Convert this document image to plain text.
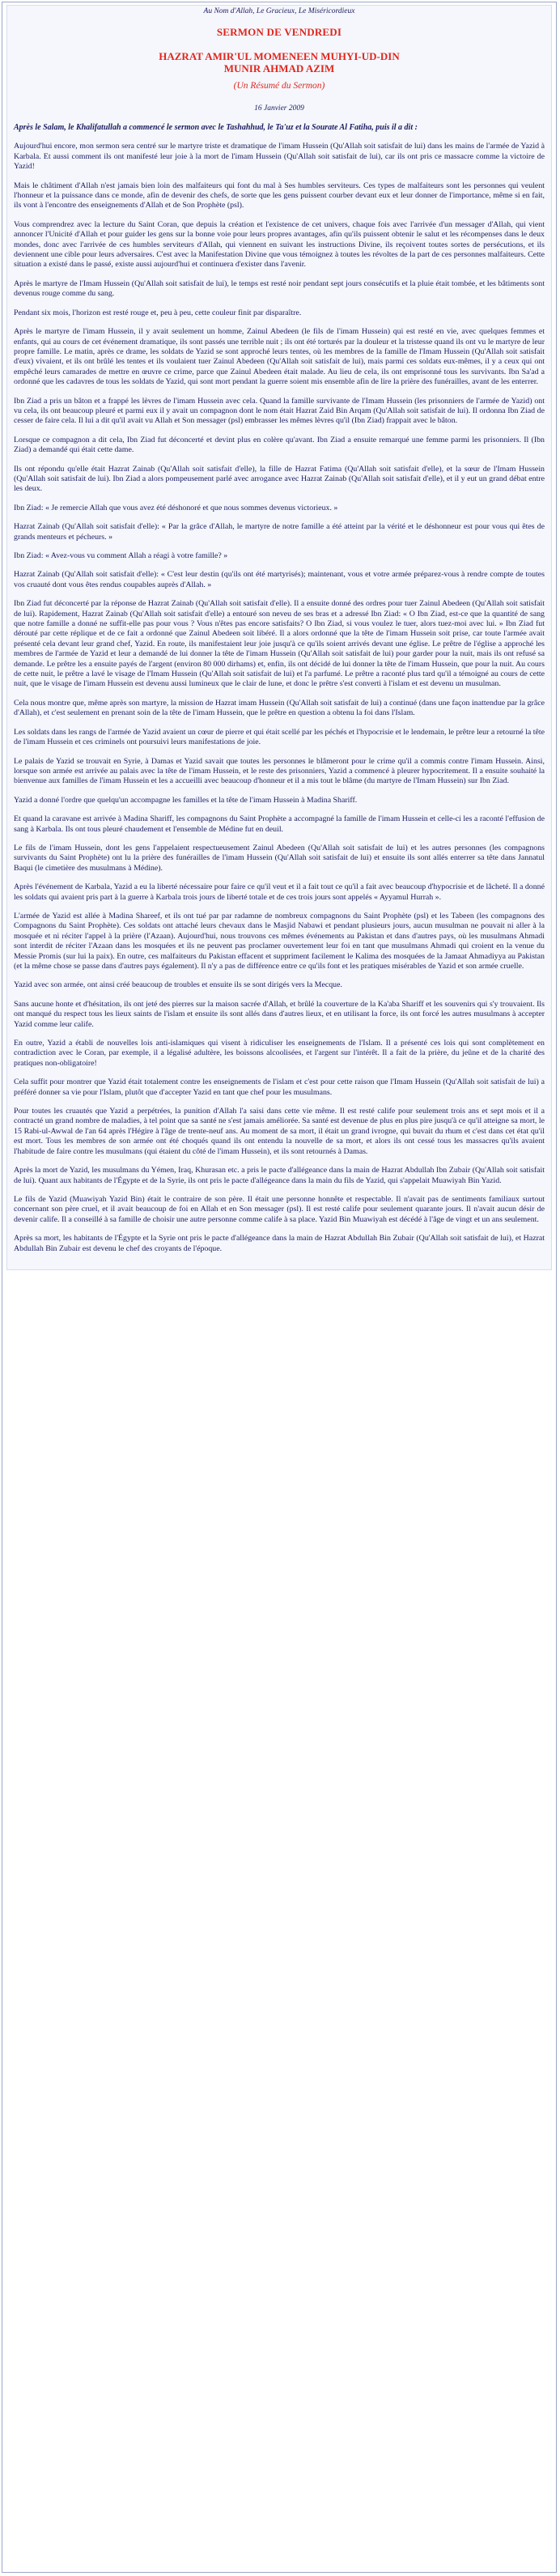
Au Nom d'Allah, Le Gracieux, Le Miséricordieux
SERMON DE VENDREDI
HAZRAT AMIR'UL MOMENEEN MUHYI-UD-DIN
MUNIR AHMAD AZIM
(Un Résumé du Sermon)
16 Janvier 2009

Après le Salam, le Khalifatullah a commencé le sermon avec le Tashahhud, le Ta'uz et la Sourate Al Fatiha, puis il a dit :

Aujourd'hui encore, mon sermon sera centré sur le martyre triste et dramatique de l'imam Hussein (Qu'Allah soit satisfait de lui) dans les mains de l'armée de Yazid à Karbala. Et aussi comment ils ont manifesté leur joie à la mort de l'imam Hussein (Qu'Allah soit satisfait de lui), car ils ont pris ce massacre comme la victoire de Yazid!

Mais le châtiment d'Allah n'est jamais bien loin des malfaiteurs qui font du mal à Ses humbles serviteurs. Ces types de malfaiteurs sont les personnes qui veulent l'honneur et la puissance dans ce monde, afin de devenir des chefs, de sorte que les gens puissent courber devant eux et leur donner de l'importance, même si en fait, ils vont à l'encontre des enseignements d'Allah et de Son Prophète (psl).

Vous comprendrez avec la lecture du Saint Coran, que depuis la création et l'existence de cet univers, chaque fois avec l'arrivée d'un messager d'Allah, qui vient annoncer l'Unicité d'Allah et pour guider les gens sur la bonne voie pour leurs propres avantages, afin qu'ils puissent obtenir le salut et les récompenses dans le deux mondes, donc avec l'arrivée de ces humbles serviteurs d'Allah, qui viennent en suivant les instructions Divine, ils reçoivent toutes sortes de persécutions, et ils deviennent une cible pour leurs adversaires. C'est avec la Manifestation Divine que vous témoignez à toutes les révoltes de la part de ces personnes malfaiteurs. Cette situation a existé dans le passé, existe aussi aujourd'hui et continuera d'exister dans l'avenir.

Après le martyre de l'Imam Hussein (Qu'Allah soit satisfait de lui), le temps est resté noir pendant sept jours consécutifs et la pluie était tombée, et les bâtiments sont devenus rouge comme du sang.

Pendant six mois, l'horizon est resté rouge et, peu à peu, cette couleur finit par disparaître.

Après le martyre de l'imam Hussein, il y avait seulement un homme, Zainul Abedeen (le fils de l'imam Hussein) qui est resté en vie, avec quelques femmes et enfants, qui au cours de cet événement dramatique, ils sont passés une terrible nuit ; ils ont été torturés par la douleur et la tristesse quand ils ont vu le martyre de leur propre famille. Le matin, après ce drame, les soldats de Yazid se sont approché leurs tentes, où les membres de la famille de l'Imam Hussein (Qu'Allah soit satisfait d'eux) vivaient, et ils ont brûlé les tentes et ils voulaient tuer Zainul Abedeen (Qu'Allah soit satisfait de lui), mais parmi ces soldats eux-mêmes, il y a ceux qui ont empêché leurs camarades de mettre en œuvre ce crime, parce que Zainul Abedeen était malade. Au lieu de cela, ils ont emprisonné tous les survivants. Ibn Sa'ad a ordonné que les cadavres de tous les soldats de Yazid, qui sont mort pendant la guerre soient mis ensemble afin de lire la prière des funérailles, avant de les enterrer.

Ibn Ziad a pris un bâton et a frappé les lèvres de l'imam Hussein avec cela. Quand la famille survivante de l'Imam Hussein (les prisonniers de l'armée de Yazid) ont vu cela, ils ont beaucoup pleuré et parmi eux il y avait un compagnon dont le nom était Hazrat Zaid Bin Arqam (Qu'Allah soit satisfait de lui). Il ordonna Ibn Ziad de cesser de faire cela. Il lui a dit qu'il avait vu Allah et Son messager (psl) embrasser les mêmes lèvres qu'il (Ibn Ziad) frappait avec le bâton.

Lorsque ce compagnon a dit cela, Ibn Ziad fut déconcerté et devint plus en colère qu'avant. Ibn Ziad a ensuite remarqué une femme parmi les prisonniers. Il (Ibn Ziad) a demandé qui était cette dame.

Ils ont répondu qu'elle était Hazrat Zainab (Qu'Allah soit satisfait d'elle), la fille de Hazrat Fatima (Qu'Allah soit satisfait d'elle), et la sœur de l'Imam Hussein (Qu'Allah soit satisfait de lui). Ibn Ziad a alors pompeusement parlé avec arrogance avec Hazrat Zainab (Qu'Allah soit satisfait d'elle), et il y eut un grand débat entre les deux.

Ibn Ziad: « Je remercie Allah que vous avez été déshonoré et que nous sommes devenus victorieux. »

Hazrat Zainab (Qu'Allah soit satisfait d'elle): « Par la grâce d'Allah, le martyre de notre famille a été atteint par la vérité et le déshonneur est pour vous qui êtes de grands menteurs et pécheurs. »

Ibn Ziad: « Avez-vous vu comment Allah a réagi à votre famille? »

Hazrat Zainab (Qu'Allah soit satisfait d'elle): « C'est leur destin (qu'ils ont été martyrisés); maintenant, vous et votre armée préparez-vous à rendre compte de toutes vos cruauté dont vous êtes rendus coupables auprès d'Allah. »

Ibn Ziad fut déconcerté par la réponse de Hazrat Zainab (Qu'Allah soit satisfait d'elle). Il a ensuite donné des ordres pour tuer Zainul Abedeen (Qu'Allah soit satisfait de lui). Rapidement, Hazrat Zainab (Qu'Allah soit satisfait d'elle) a entouré son neveu de ses bras et a adressé Ibn Ziad: « O Ibn Ziad, est-ce que la quantité de sang que notre famille a donné ne suffit-elle pas pour vous ? Vous n'êtes pas encore satisfaits? O Ibn Ziad, si vous voulez le tuer, alors tuez-moi avec lui. » Ibn Ziad fut dérouté par cette réplique et de ce fait a ordonné que Zainul Abedeen soit libéré. Il a alors ordonné que la tête de l'imam Hussein soit prise, car toute l'armée avait présenté cela devant leur grand chef, Yazid. En route, ils manifestaient leur joie jusqu'à ce qu'ils soient arrivés devant une église. Le prêtre de l'église a approché les membres de l'armée de Yazid et leur a demandé de lui donner la tête de l'imam Hussein (Qu'Allah soit satisfait de lui) pour garder pour la nuit, mais ils ont refusé sa demande. Le prêtre les a ensuite payés de l'argent (environ 80 000 dirhams) et, enfin, ils ont décidé de lui donner la tête de l'imam Hussein, que pour la nuit. Au cours de cette nuit, le prêtre a lavé le visage de l'Imam Hussein (Qu'Allah soit satisfait de lui) et l'a parfumé. Le prêtre a raconté plus tard qu'il a témoigné au cours de cette nuit, que le visage de l'imam Hussein est devenu aussi lumineux que le clair de lune, et donc le prêtre s'est converti à l'islam et est devenu un musulman.

Cela nous montre que, même après son martyre, la mission de Hazrat imam Hussein (Qu'Allah soit satisfait de lui) a continué (dans une façon inattendue par la grâce d'Allah), et c'est seulement en prenant soin de la tête de l'imam Hussein, que le prêtre en question a obtenu la foi dans l'Islam.

Les soldats dans les rangs de l'armée de Yazid avaient un cœur de pierre et qui était scellé par les péchés et l'hypocrisie et le lendemain, le prêtre leur a retourné la tête de l'imam Hussein et ces criminels ont poursuivi leurs manifestations de joie.

Le palais de Yazid se trouvait en Syrie, à Damas et Yazid savait que toutes les personnes le blâmeront pour le crime qu'il a commis contre l'imam Hussein. Ainsi, lorsque son armée est arrivée au palais avec la tête de l'imam Hussein, et le reste des prisonniers, Yazid a commencé à pleurer hypocritement. Il a ensuite souhaité la bienvenue aux familles de l'imam Hussein et les a accueilli avec beaucoup d'honneur et il a mis tout le blâme (du martyre de l'Imam Hussein) sur Ibn Ziad.

Yazid a donné l'ordre que quelqu'un accompagne les familles et la tête de l'imam Hussein à Madina Shariff.

Et quand la caravane est arrivée à Madina Shariff, les compagnons du Saint Prophète a accompagné la famille de l'imam Hussein et celle-ci les a raconté l'effusion de sang à Karbala. Ils ont tous pleuré chaudement et l'ensemble de Médine fut en deuil.

Le fils de l'imam Hussein, dont les gens l'appelaient respectueusement Zainul Abedeen (Qu'Allah soit satisfait de lui) et les autres personnes (les compagnons survivants du Saint Prophète) ont lu la prière des funérailles de l'imam Hussein (Qu'Allah soit satisfait de lui) et ensuite ils sont allés enterrer sa tête dans Jannatul Baqui (le cimetière des musulmans à Médine).

Après l'événement de Karbala, Yazid a eu la liberté nécessaire pour faire ce qu'il veut et il a fait tout ce qu'il a fait avec beaucoup d'hypocrisie et de lâcheté. Il a donné les soldats qui avaient pris part à la guerre à Karbala trois jours de liberté totale et de ces trois jours sont appelés « Ayyamul Hurrah ».

L'armée de Yazid est allée à Madina Shareef, et ils ont tué par par radamne de nombreux compagnons du Saint Prophète (psl) et les Tabeen (les compagnons des Compagnons du Saint Prophète). Ces soldats ont attaché leurs chevaux dans le Masjid Nabawi et pendant plusieurs jours, aucun musulman ne pouvait ni aller à la mosquée et ni réciter l'appel à la prière (l'Azaan). Aujourd'hui, nous trouvons ces mêmes événements au Pakistan et dans d'autres pays, où les musulmans Ahmadi sont interdit de réciter l'Azaan dans les mosquées et ils ne peuvent pas proclamer ouvertement leur foi en tant que musulmans Ahmadi qui croient en la venue du Messie Promis (sur lui la paix). En outre, ces malfaiteurs du Pakistan effacent et suppriment facilement le Kalima des mosquées de la Jamaat Ahmadiyya au Pakistan (et la même chose se passe dans d'autres pays également). Il n'y a pas de différence entre ce qu'ils font et les pratiques misérables de Yazid et son armée cruelle.

Yazid avec son armée, ont ainsi créé beaucoup de troubles et ensuite ils se sont dirigés vers la Mecque.

Sans aucune honte et d'hésitation, ils ont jeté des pierres sur la maison sacrée d'Allah, et brûlé la couverture de la Ka'aba Shariff et les souvenirs qui s'y trouvaient. Ils ont manqué du respect tous les lieux saints de l'islam et ensuite ils sont allés dans d'autres lieux, et en utilisant la force, ils ont forcé les autres musulmans à accepter Yazid comme leur calife.

En outre, Yazid a établi de nouvelles lois anti-islamiques qui visent à ridiculiser les enseignements de l'Islam. Il a présenté ces lois qui sont complètement en contradiction avec le Coran, par exemple, il a légalisé adultère, les boissons alcoolisées, et l'argent sur l'intérêt. Il a fait de la prière, du jeûne et de la charité des pratiques non-obligatoire!

Cela suffit pour montrer que Yazid était totalement contre les enseignements de l'islam et c'est pour cette raison que l'Imam Hussein (Qu'Allah soit satisfait de lui) a préféré donner sa vie pour l'Islam, plutôt que d'accepter Yazid en tant que chef pour les musulmans.

Pour toutes les cruautés que Yazid a perpétrées, la punition d'Allah l'a saisi dans cette vie même. Il est resté calife pour seulement trois ans et sept mois et il a contracté un grand nombre de maladies, à tel point que sa santé ne s'est jamais améliorée. Sa santé est devenue de plus en plus pire jusqu'à ce qu'il atteigne sa mort, le 15 Rabi-ul-Awwal de l'an 64 après l'Hégire à l'âge de trente-neuf ans. Au moment de sa mort, il était un grand ivrogne, qui buvait du rhum et c'est dans cet état qu'il est mort. Tous les membres de son armée ont été choqués quand ils ont entendu la nouvelle de sa mort, et alors ils ont cessé tous les massacres qu'ils avaient l'habitude de faire contre les musulmans (qui étaient du côté de l'imam Hussein), et ils sont retournés à Damas.

Après la mort de Yazid, les musulmans du Yémen, Iraq, Khurasan etc. a pris le pacte d'allégeance dans la main de Hazrat Abdullah Ibn Zubair (Qu'Allah soit satisfait de lui). Quant aux habitants de l'Égypte et de la Syrie, ils ont pris le pacte d'allégeance dans la main du fils de Yazid, qui s'appelait Muawiyah Bin Yazid.

Le fils de Yazid (Muawiyah Yazid Bin) était le contraire de son père. Il était une personne honnête et respectable. Il n'avait pas de sentiments familiaux surtout concernant son père cruel, et il avait beaucoup de foi en Allah et en Son messager (psl). Il est resté calife pour seulement quarante jours. Il n'avait aucun désir de devenir calife. Il a conseillé à sa famille de choisir une autre personne comme calife à sa place. Yazid Bin Muawiyah est décédé à l'âge de vingt et un ans seulement.

Après sa mort, les habitants de l'Égypte et la Syrie ont pris le pacte d'allégeance dans la main de Hazrat Abdullah Bin Zubair (Qu'Allah soit satisfait de lui), et Hazrat Abdullah Bin Zubair est devenu le chef des croyants de l'époque.
